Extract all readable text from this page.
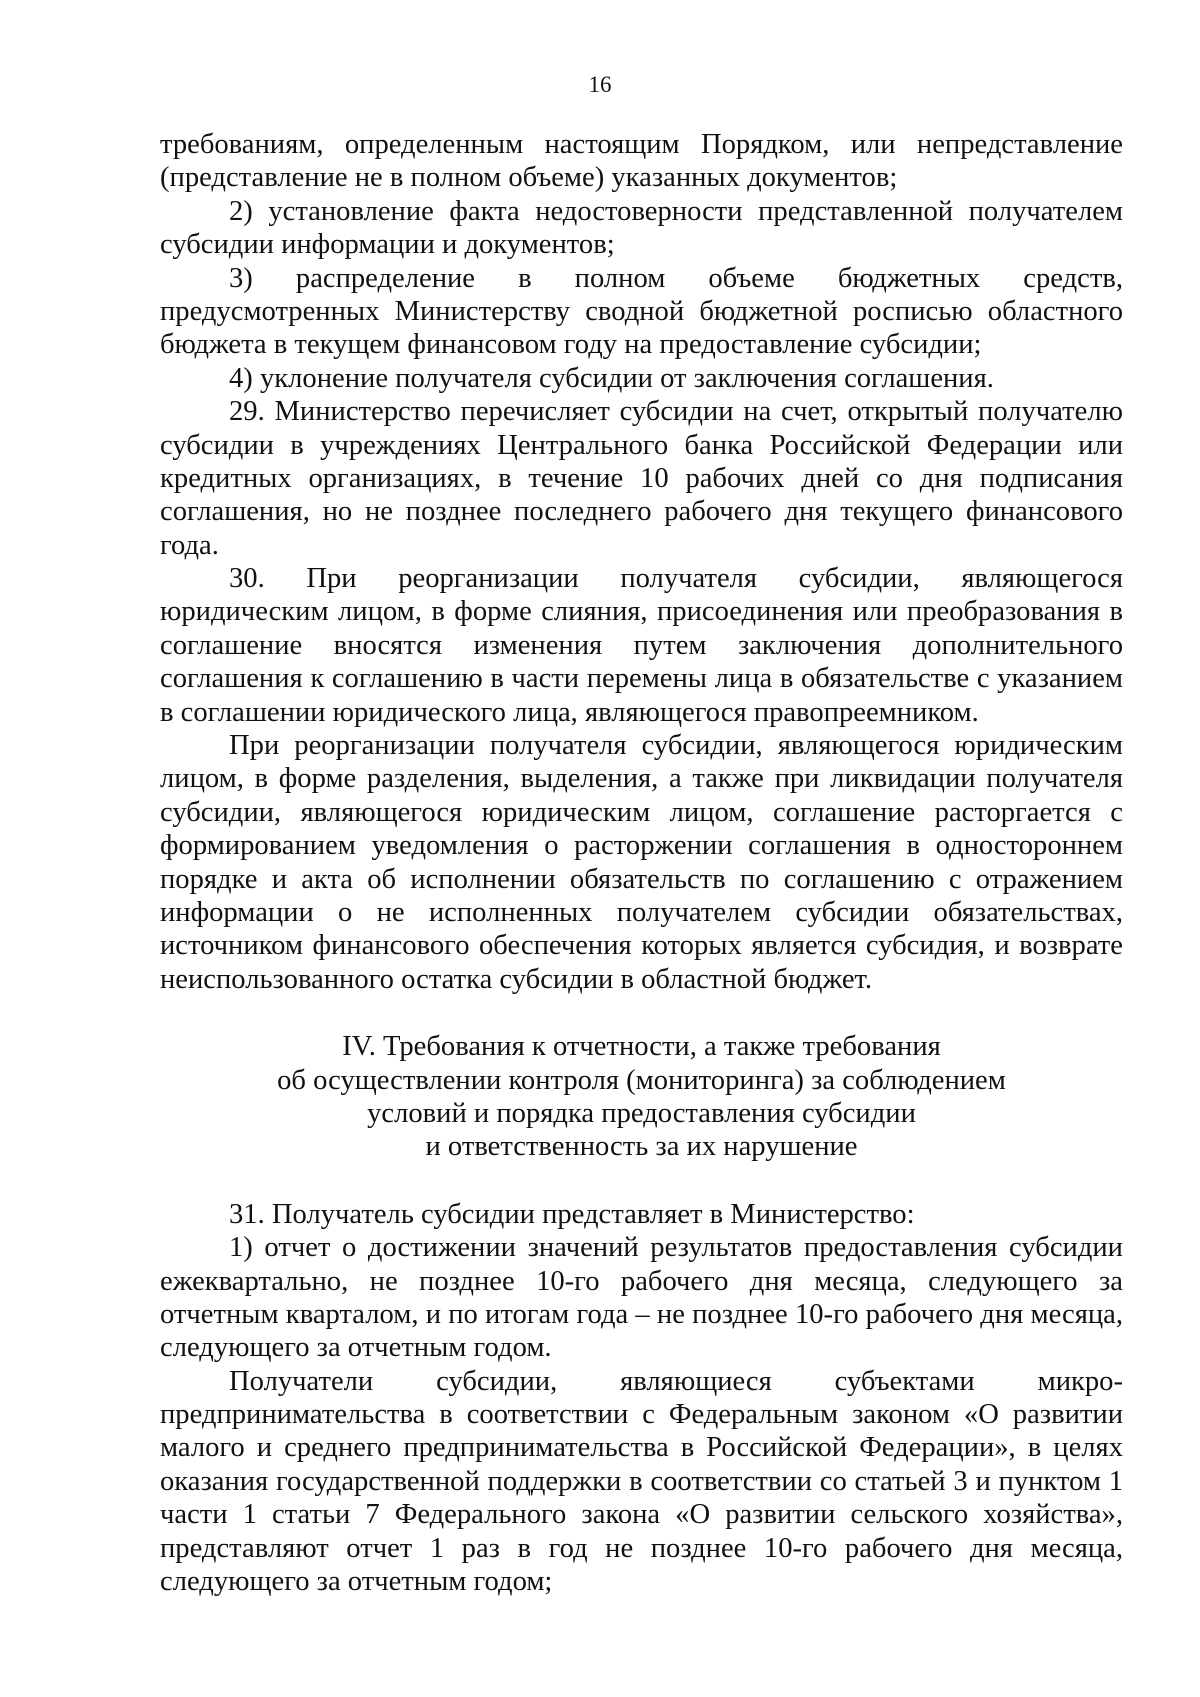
16
требованиям, определенным настоящим Порядком, или непредставление
(представление не в полном объеме) указанных документов;
2) установление факта недостоверности представленной получателем
субсидии информации и документов;
3) распределение в полном объеме бюджетных средств,
предусмотренных Министерству сводной бюджетной росписью областного
бюджета в текущем финансовом году на предоставление субсидии;
4) уклонение получателя субсидии от заключения соглашения.
29. Министерство перечисляет субсидии на счет, открытый получателю
субсидии в учреждениях Центрального банка Российской Федерации или
кредитных организациях, в течение 10 рабочих дней со дня подписания
соглашения, но не позднее последнего рабочего дня текущего финансового
года.
30. При реорганизации получателя субсидии, являющегося
юридическим лицом, в форме слияния, присоединения или преобразования в
соглашение вносятся изменения путем заключения дополнительного
соглашения к соглашению в части перемены лица в обязательстве с указанием
в соглашении юридического лица, являющегося правопреемником.
При реорганизации получателя субсидии, являющегося юридическим
лицом, в форме разделения, выделения, а также при ликвидации получателя
субсидии, являющегося юридическим лицом, соглашение расторгается с
формированием уведомления о расторжении соглашения в одностороннем
порядке и акта об исполнении обязательств по соглашению с отражением
информации о не исполненных получателем субсидии обязательствах,
источником финансового обеспечения которых является субсидия, и возврате
неиспользованного остатка субсидии в областной бюджет.
IV. Требования к отчетности, а также требования
об осуществлении контроля (мониторинга) за соблюдением
условий и порядка предоставления субсидии
и ответственность за их нарушение
31. Получатель субсидии представляет в Министерство:
1) отчет о достижении значений результатов предоставления субсидии
ежеквартально, не позднее 10-го рабочего дня месяца, следующего за
отчетным кварталом, и по итогам года – не позднее 10-го рабочего дня месяца,
следующего за отчетным годом.
Получатели субсидии, являющиеся субъектами микро-
предпринимательства в соответствии с Федеральным законом «О развитии
малого и среднего предпринимательства в Российской Федерации», в целях
оказания государственной поддержки в соответствии со статьей 3 и пунктом 1
части 1 статьи 7 Федерального закона «О развитии сельского хозяйства»,
представляют отчет 1 раз в год не позднее 10-го рабочего дня месяца,
следующего за отчетным годом;
